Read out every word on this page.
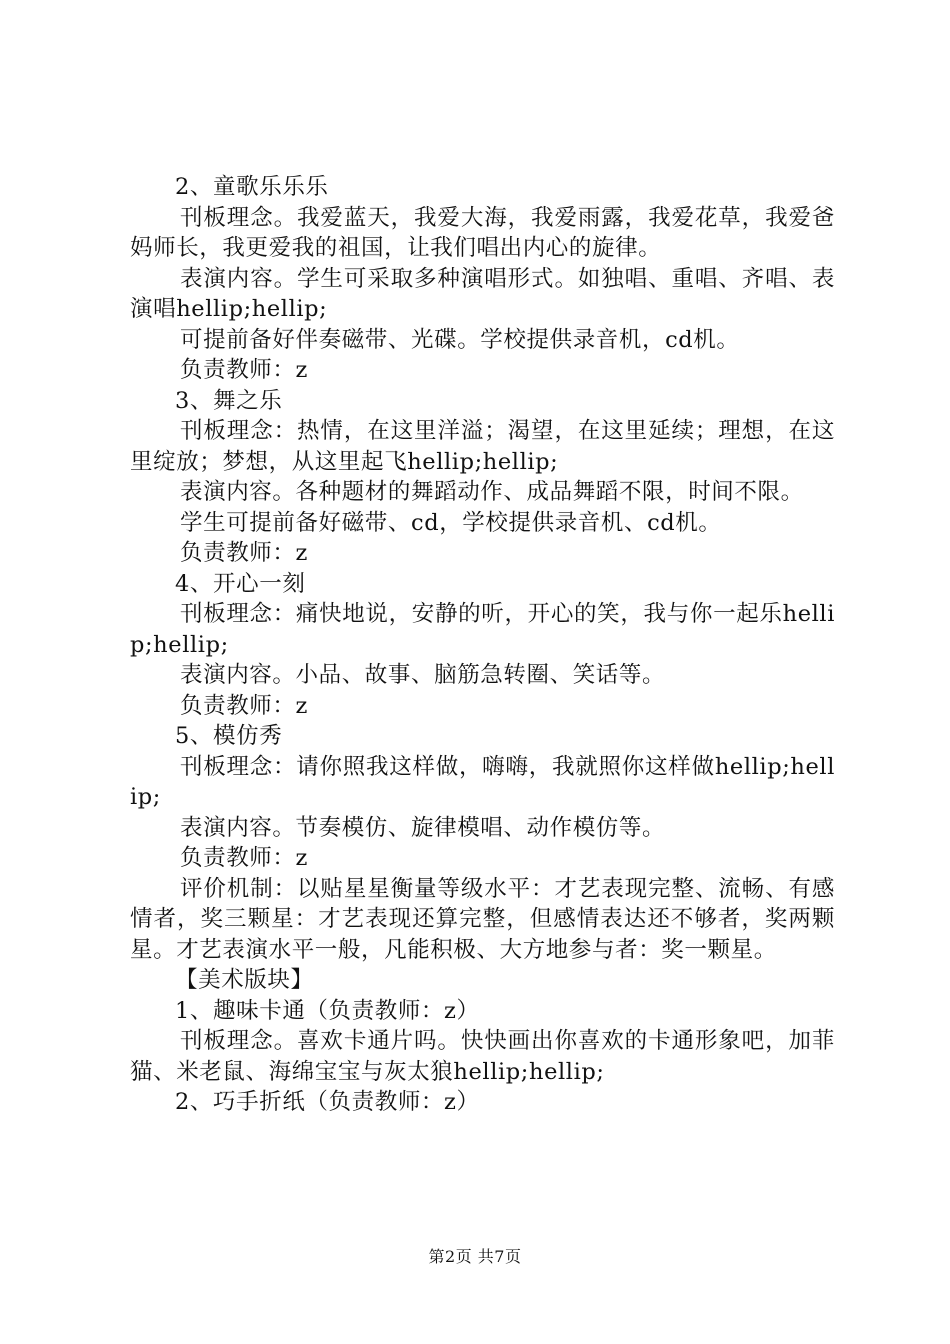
2、童歌乐乐乐

刊板理念。我爱蓝天，我爱大海，我爱雨露，我爱花草，我爱爸妈师长，我更爱我的祖国，让我们唱出内心的旋律。

表演内容。学生可采取多种演唱形式。如独唱、重唱、齐唱、表演唱hellip;hellip;

可提前备好伴奏磁带、光碟。学校提供录音机，cd机。

负责教师：z

3、舞之乐

刊板理念：热情，在这里洋溢；渴望，在这里延续；理想，在这里绽放；梦想，从这里起飞hellip;hellip;

表演内容。各种题材的舞蹈动作、成品舞蹈不限，时间不限。

学生可提前备好磁带、cd，学校提供录音机、cd机。

负责教师：z

4、开心一刻

刊板理念：痛快地说，安静的听，开心的笑，我与你一起乐hellip;hellip;

表演内容。小品、故事、脑筋急转圈、笑话等。

负责教师：z

5、模仿秀

刊板理念：请你照我这样做，嗨嗨，我就照你这样做hellip;hellip;

表演内容。节奏模仿、旋律模唱、动作模仿等。

负责教师：z

评价机制：以贴星星衡量等级水平：才艺表现完整、流畅、有感情者，奖三颗星：才艺表现还算完整，但感情表达还不够者，奖两颗星。才艺表演水平一般，凡能积极、大方地参与者：奖一颗星。

【美术版块】

1、趣味卡通（负责教师：z）

刊板理念。喜欢卡通片吗。快快画出你喜欢的卡通形象吧，加菲猫、米老鼠、海绵宝宝与灰太狼hellip;hellip;

2、巧手折纸（负责教师：z）

第2页 共7页
